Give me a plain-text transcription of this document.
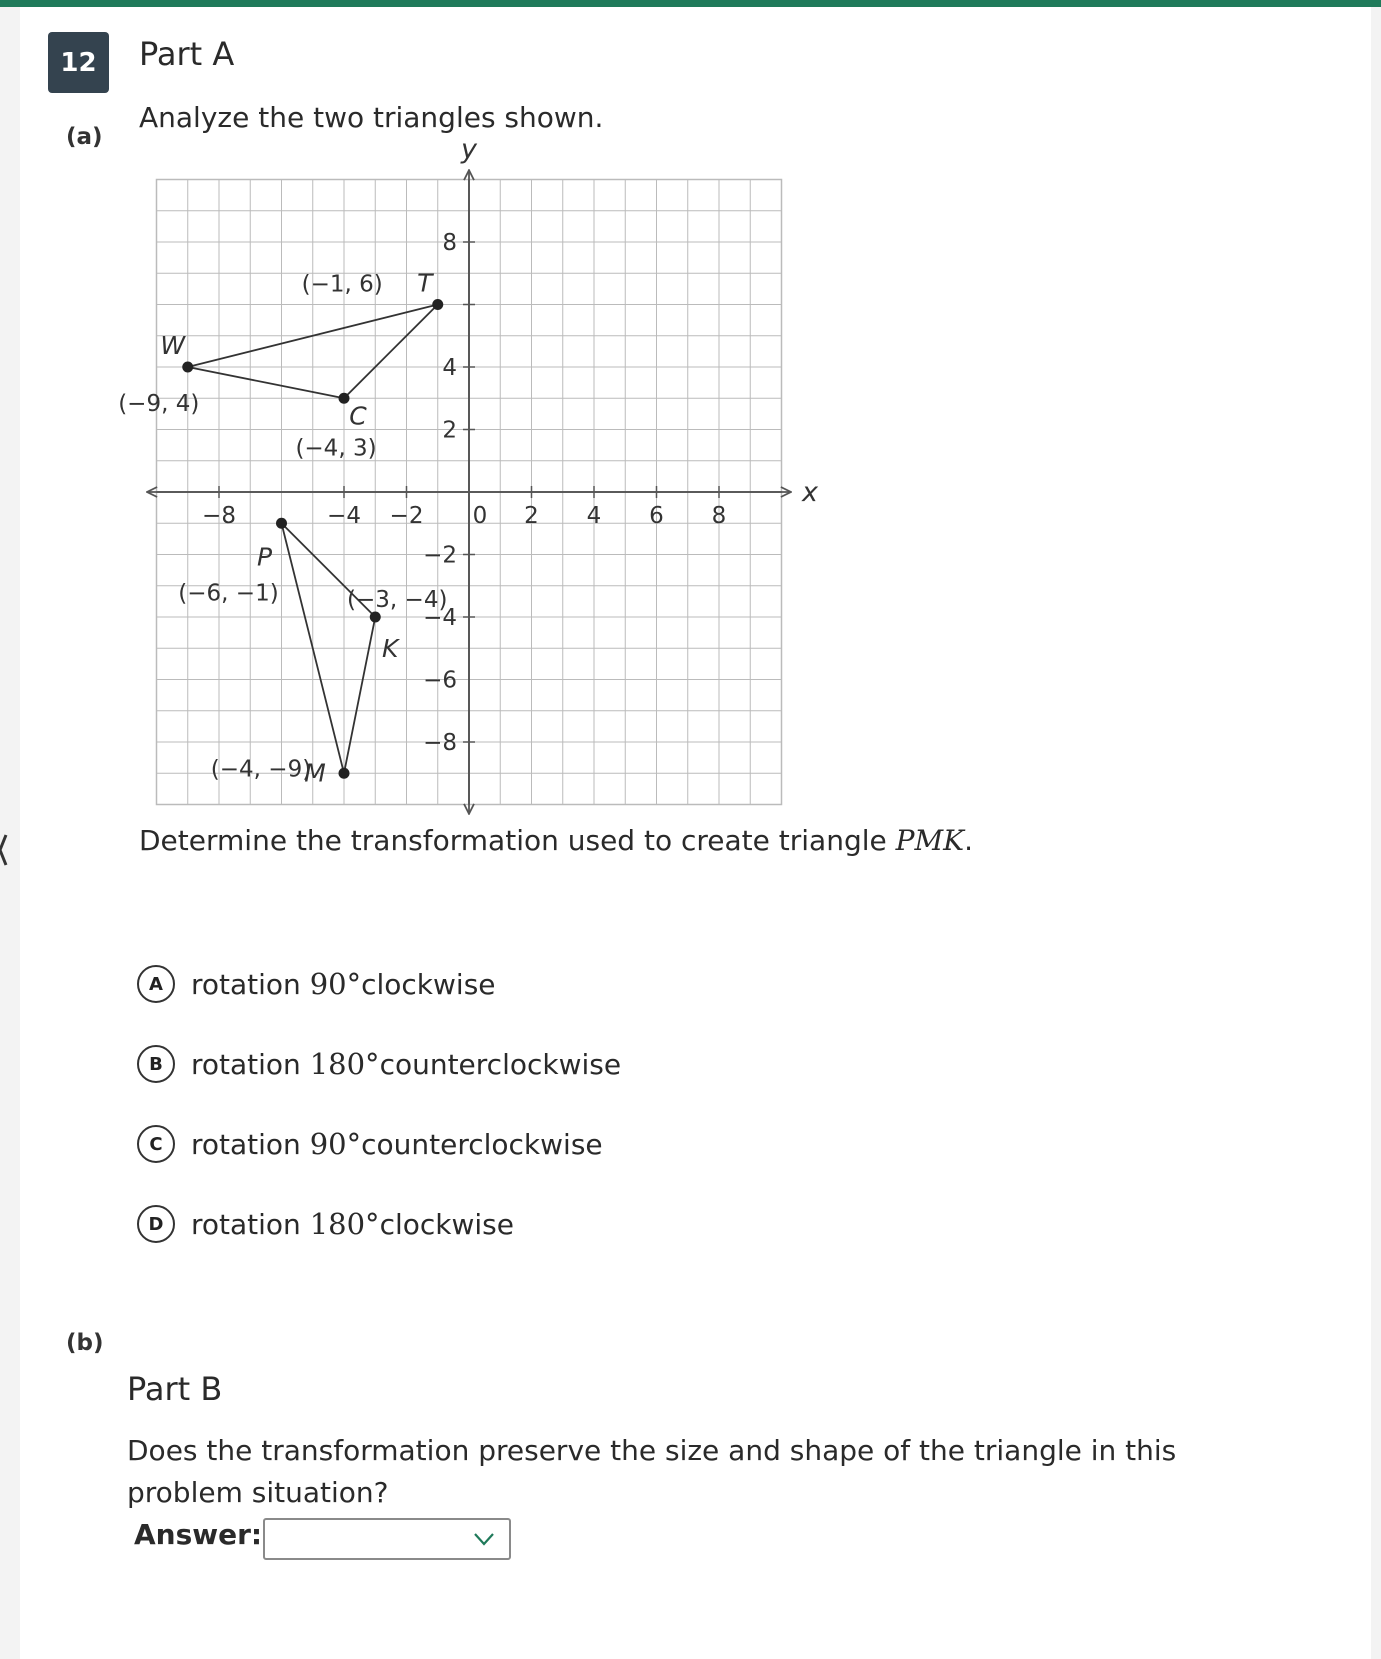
12	Part A
(a)
Analyze the two triangles shown.
−8	−4 −2 0 2 4 6 8
8
4
2
−2
−4
−6
−8
x
y
T
(−1, 6)
W
(−9, 4)	C
(−4, 3)
P
(−6, −1)
K
(−3, −4)
M
(−4, −9)
Determine the transformation used to create triangle PMK.
A	rotation 90°clockwise
B	rotation 180°counterclockwise
C	rotation 90°counterclockwise
D rotation 180°clockwise
(b)
Part B
Does the transformation preserve the size and shape of the triangle in this problem situation?
Answer:
